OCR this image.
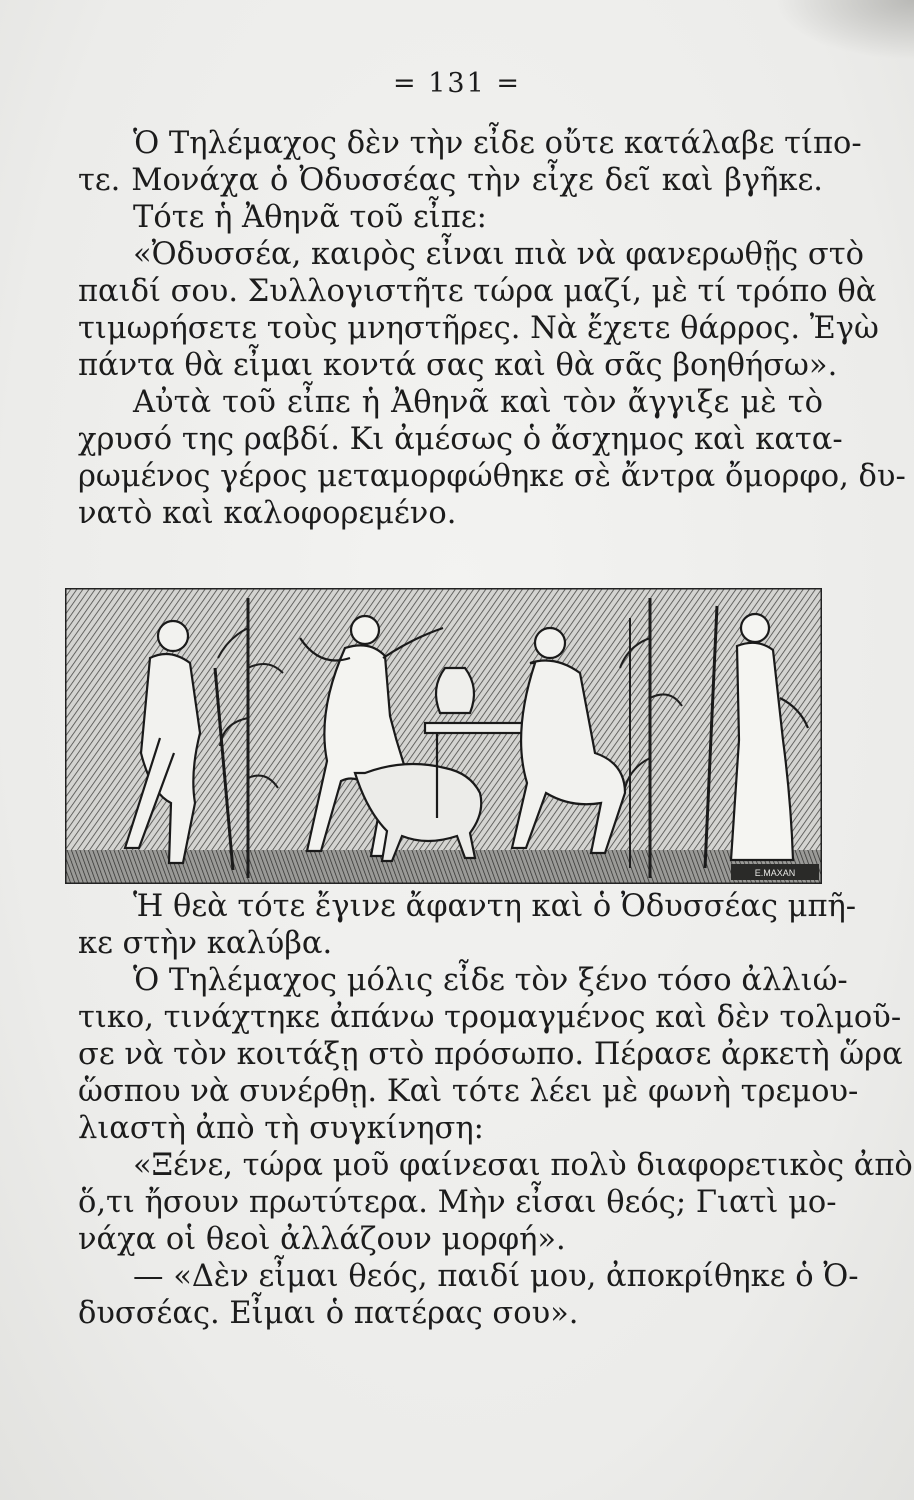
= 131 =
Ὁ Τηλέμαχος δὲν τὴν εἶδε οὔτε κατάλαβε τίπο-
τε. Μονάχα ὁ Ὀδυσσέας τὴν εἶχε δεῖ καὶ βγῆκε.
Τότε ἡ Ἀθηνᾶ τοῦ εἶπε:
«Ὀδυσσέα, καιρὸς εἶναι πιὰ νὰ φανερωθῇς στὸ
παιδί σου. Συλλογιστῆτε τώρα μαζί, μὲ τί τρόπο θὰ
τιμωρήσετε τοὺς μνηστῆρες. Νὰ ἔχετε θάρρος. Ἐγὼ
πάντα θὰ εἶμαι κοντά σας καὶ θὰ σᾶς βοηθήσω».
Αὐτὰ τοῦ εἶπε ἡ Ἀθηνᾶ καὶ τὸν ἄγγιξε μὲ τὸ
χρυσό της ραβδί. Κι ἀμέσως ὁ ἄσχημος καὶ κατα-
ρωμένος γέρος μεταμορφώθηκε σὲ ἄντρα ὄμορφο, δυ-
νατὸ καὶ καλοφορεμένο.
E.MAXAN
Ἡ θεὰ τότε ἔγινε ἄφαντη καὶ ὁ Ὀδυσσέας μπῆ-
κε στὴν καλύβα.
Ὁ Τηλέμαχος μόλις εἶδε τὸν ξένο τόσο ἀλλιώ-
τικο, τινάχτηκε ἀπάνω τρομαγμένος καὶ δὲν τολμοῦ-
σε νὰ τὸν κοιτάξῃ στὸ πρόσωπο. Πέρασε ἀρκετὴ ὥρα
ὥσπου νὰ συνέρθῃ. Καὶ τότε λέει μὲ φωνὴ τρεμου-
λιαστὴ ἀπὸ τὴ συγκίνηση:
«Ξένε, τώρα μοῦ φαίνεσαι πολὺ διαφορετικὸς ἀπὸ
ὅ,τι ἤσουν πρωτύτερα. Μὴν εἶσαι θεός; Γιατὶ μο-
νάχα οἱ θεοὶ ἀλλάζουν μορφή».
— «Δὲν εἶμαι θεός, παιδί μου, ἀποκρίθηκε ὁ Ὀ-
δυσσέας. Εἶμαι ὁ πατέρας σου».
